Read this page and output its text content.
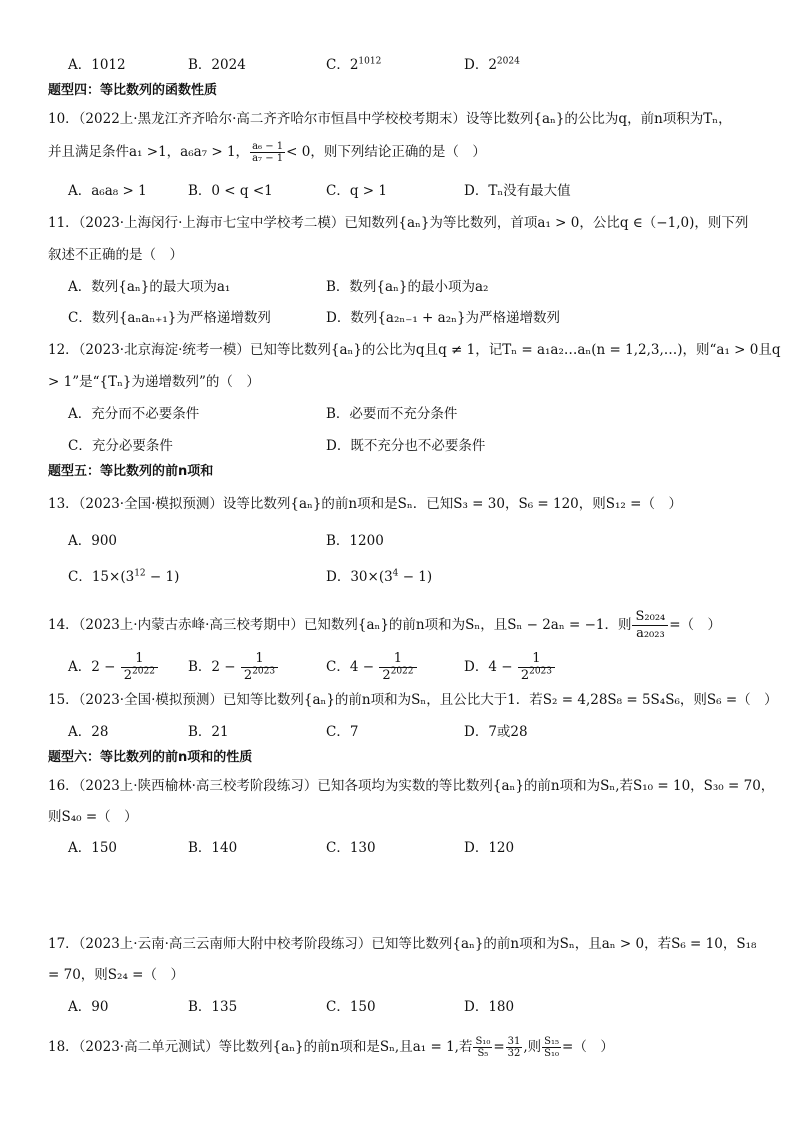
A．1012	B．2024	C．$2^{1012}$	D．$2^{2024}$
题型四：等比数列的函数性质
10．（2022上·黑龙江齐齐哈尔·高二齐齐哈尔市恒昌中学校校考期末）设等比数列{aₙ}的公比为q，前n项积为Tₙ，
并且满足条件a₁ >1，a₆a₇ > 1， $\frac{\text{a₆ − 1}}{\text{a₇ − 1}} < 0$，则下列结论正确的是（　）
A．a₆a₈ > 1	B．0 < q <1	C．q > 1	D．Tₙ没有最大值
11．（2023·上海闵行·上海市七宝中学校考二模）已知数列{aₙ}为等比数列，首项a₁ > 0，公比q ∈（−1,0)，则下列
叙述不正确的是（　）
A．数列{aₙ}的最大项为a₁	B．数列{aₙ}的最小项为a₂
C．数列{aₙaₙ₊₁}为严格递增数列	D．数列{a₂ₙ₋₁ + a₂ₙ}为严格递增数列
12．（2023·北京海淀·统考一模）已知等比数列{aₙ}的公比为q且q ≠ 1，记Tₙ = a₁a₂…aₙ(n = 1,2,3,…)，则“a₁ > 0且q
> 1”是“{Tₙ}为递增数列”的（　）
A．充分而不必要条件	B．必要而不充分条件
C．充分必要条件	D．既不充分也不必要条件
题型五：等比数列的前n项和
13．（2023·全国·模拟预测）设等比数列{aₙ}的前n项和是Sₙ．已知S₃ = 30，S₆ = 120，则S₁₂ =（　）
A．900	B．1200
C．$15\times(3^{12} - 1)$	D．$30\times(3^4 - 1)$
14．（2023上·内蒙古赤峰·高三校考期中）已知数列{aₙ}的前n项和为Sₙ，且Sₙ − 2aₙ = −1．则 $\frac{\text{S₂₀₂₄}}{\text{a₂₀₂₃}}$ =（　）
A．$2 - \frac{1}{2^{2022}}$ B．$2 - \frac{1}{2^{2023}}$	C．$4 - \frac{1}{2^{2022}}$	D．$4 - \frac{1}{2^{2023}}$
15．（2023·全国·模拟预测）已知等比数列{aₙ}的前n项和为Sₙ，且公比大于1．若S₂ = 4,28S₈ = 5S₄S₆，则S₆ =（　）
A．28	B．21	C．7	D．7或28
题型六：等比数列的前n项和的性质
16．（2023上·陕西榆林·高三校考阶段练习）已知各项均为实数的等比数列{aₙ}的前n项和为Sₙ,若S₁₀ = 10，S₃₀ = 70，
则S₄₀ =（　）
A．150	B．140	C．130	D．120
17．（2023上·云南·高三云南师大附中校考阶段练习）已知等比数列{aₙ}的前n项和为Sₙ，且aₙ > 0，若S₆ = 10，S₁₈
= 70，则S₂₄ =（　）
A．90	B．135	C．150	D．180
18．（2023·高二单元测试）等比数列{aₙ}的前n项和是Sₙ,且a₁ = 1,若 $\frac{\text{S₁₀}}{\text{S₅}} = \frac{31}{32}$ ,则 $\frac{\text{S₁₅}}{\text{S₁₀}}$ =（　）
